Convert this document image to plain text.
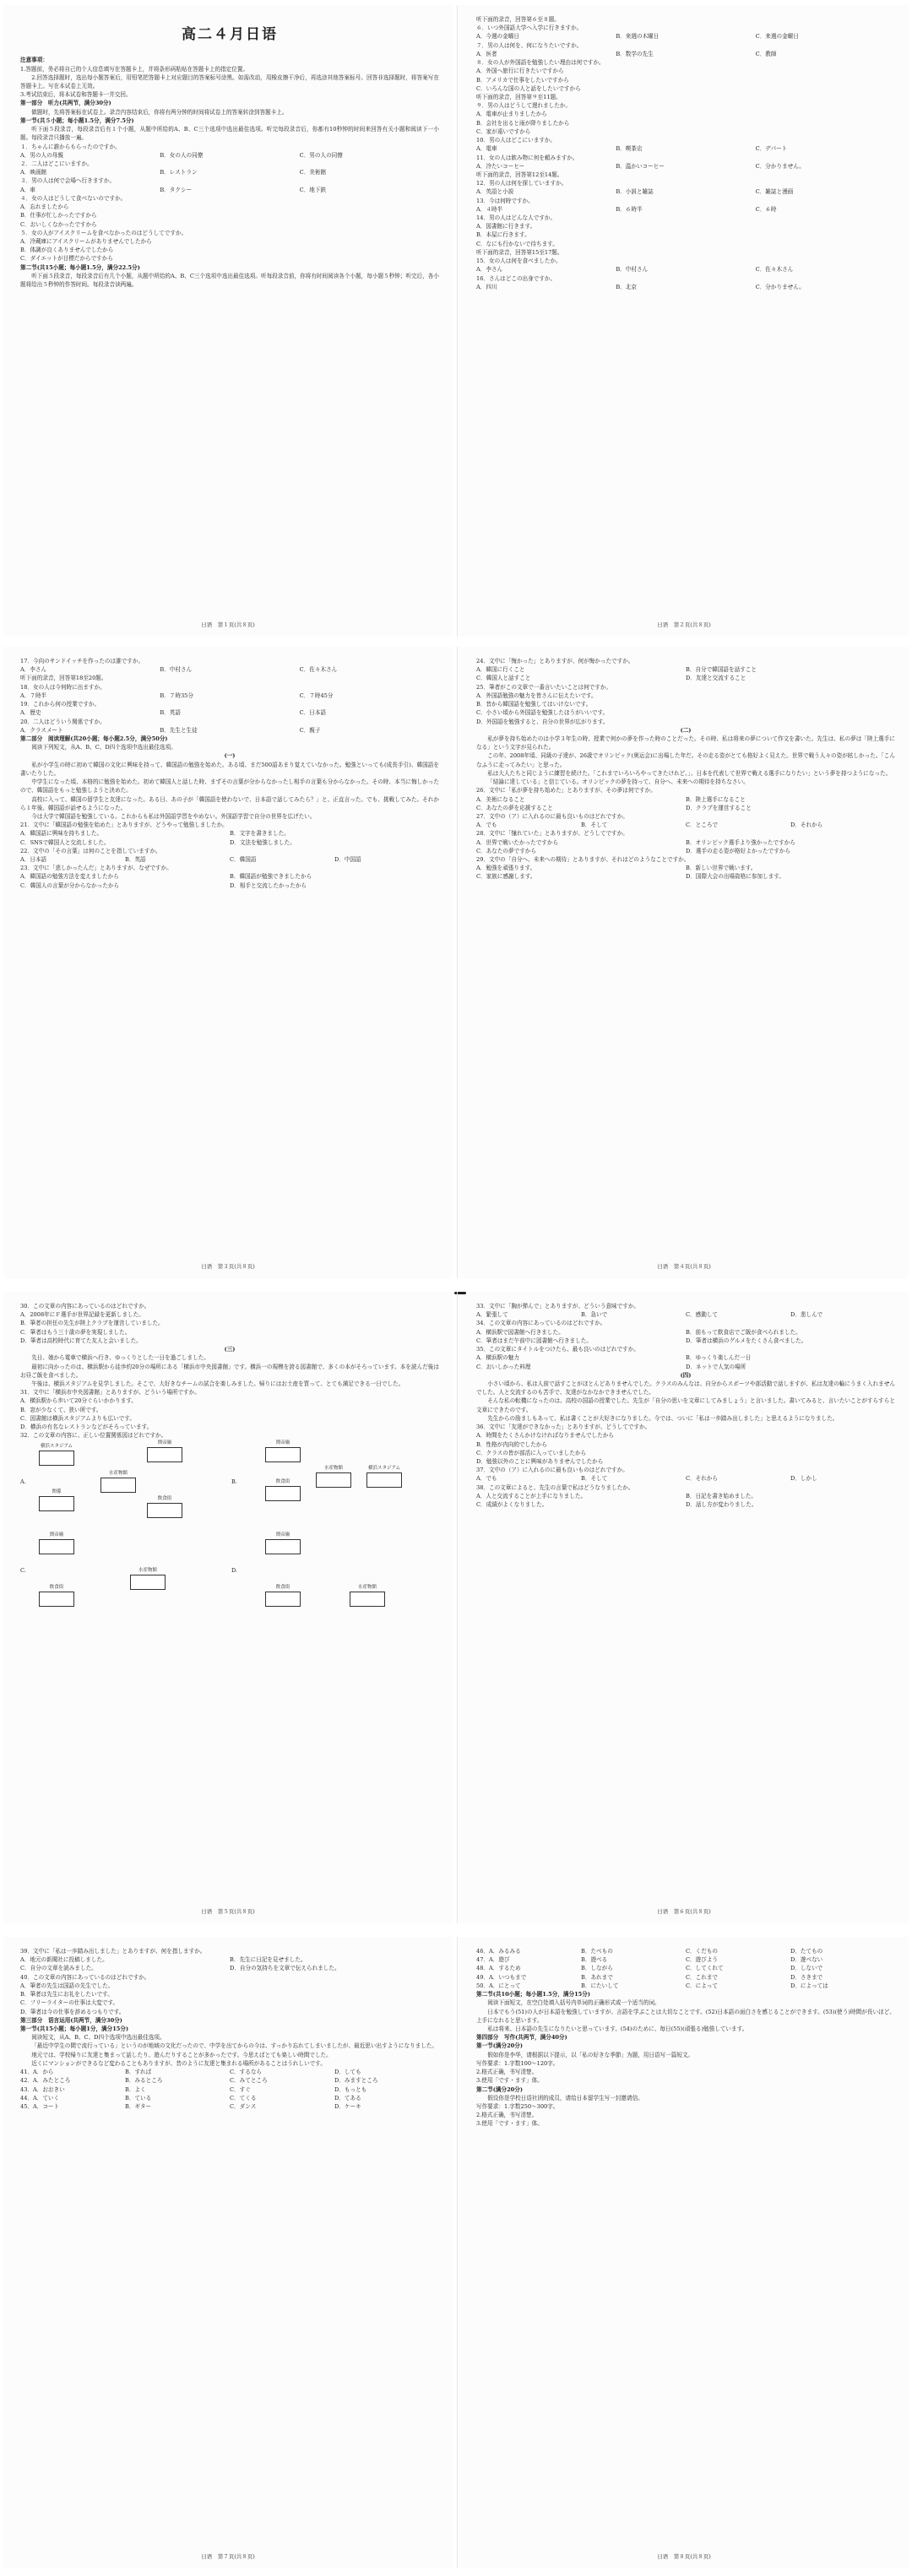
高二４月日语
注意事项：
1.答题前，务必将自己的个人信息填写在答题卡上，并将条形码粘贴在答题卡上的指定位置。
2.回答选择题时，选出每小题答案后，用铅笔把答题卡上对应题目的答案标号涂黑。如需改动，用橡皮擦干净后，再选涂其他答案标号。回答非选择题时，将答案写在答题卡上。写在本试卷上无效。
3.考试结束后，将本试卷和答题卡一并交回。
第一部分　听力(共两节，满分30分)
做题时，先将答案标在试卷上。录音内容结束后，你将有两分钟的时间将试卷上的答案转涂到答题卡上。
第一节(共５小题；每小题1.5分，满分7.5分)
听下面５段录音，每段录音后有１个小题，从题中所给的A、B、C三个选项中选出最佳选项。听完每段录音后，你都有10秒钟的时间来回答有关小题和阅读下一小题。每段录音只播放一遍。
１．ちゃんに誰からもらったのですか。
A．男の人の母親	B．女の人の同僚	C．男の人の同僚
２．二人はどこにいますか。
A．映画館	B．レストラン	C．美術館
３．男の人は何で会場へ行きますか。
A．車	B．タクシー	C．地下鉄
４．女の人はどうして食べないのですか。
A．忘れましたから
B．仕事が忙しかったですから
C．おいしくなかったですから
５．女の人がアイスクリームを食べなかったのはどうしてですか。
A．冷蔵庫にアイスクリームがありませんでしたから
B．体調が良くありませんでしたから
C．ダイエットが目標だからですから
第二节(共15小题；每小题1.5分，满分22.5分)
听下面５段录音，每段录音后有几个小题，从题中所给的A、B、C三个选项中选出最佳选项。听每段录音前，你将有时间阅读各个小题，每小题５秒钟；听完后，各小题将给出５秒钟的作答时间。每段录音读两遍。
日语　第１页(共８页)
听下面的录音，回答第６至８题。
６．いつ外国語大学へ入学に行きますか。
A．今週の金曜日	B．来週の木曜日	C．来週の金曜日
７．男の人は何を、何になりたいですか。
A．医者	B．数学の先生	C．教師
８．女の人が外国語を勉強したい理由は何ですか。
A．外国へ旅行に行きたいですから
B．アメリカで仕事をしたいですから
C．いろんな国の人と話をしたいですから
听下面的录音，回答第９至11题。
９．男の人はどうして遅れましたか。
A．電車が止まりましたから
B．会社を出ると雨が降りましたから
C．家が遠いですから
10．男の人はどこにいますか。
A．電車	B．喫茶店	C．デパート
11．女の人は飲み物に何を頼みますか。
A．冷たいコーヒー	B．温かいコーヒー	C．分かりません。
听下面的录音，回答第12至14题。
12．男の人は何を探していますか。
A．英語と小説	B．小説と雑誌	C．雑誌と漫画
13．今は何時ですか。
A．４時半	B．６時半	C．６時
14．男の人はどんな人ですか。
A．図書館に行きます。
B．本屋に行きます。
C．なにも行かないで待ちます。
听下面的录音，回答第15至17题。
15．女の人は何を食べましたか。
A．李さん	B．中村さん	C．佐々木さん
16．さんはどこの出身ですか。
A．四川	B．北京	C．分かりません。
日语　第２页(共８页)
17．今向のサンドイッチを作ったのは誰ですか。
A．李さん	B．中村さん	C．佐々木さん
听下面的录音，回答第18至20题。
18．女の人は今何時に出ますか。
A．７時半	B．７時35分	C．７時45分
19．これから何の授業ですか。
A．歴史	B．英語	C．日本語
20．二人はどういう関係ですか。
A．クラスメート	B．先生と生徒	C．親子
第二部分　阅读理解(共20小题；每小题2.5分，满分50分)
阅读下列短文，从A、B、C、D四个选项中选出最佳选项。
(一)
私が小学生の時に初めて韓国の文化に興味を持って、韓国語の勉強を始めた。ある頃、まだ500語あまり覚えていなかった。勉強といっても(成長手引)、韓国語を書いたりした。
中学生になった頃、本格的に勉強を始めた。初めて韓国人と話した時、まずその言葉が分からなかったし相手の言葉も分からなかった。その時、本当に悔しかったので、韓国語をもっと勉強しようと決めた。
高校に入って、韓国の留学生と友達になった。ある日、あの子が「韓国語を使わないで、日本語で話してみたら？」と、正直言った。でも、挑戦してみた。それから１年後、韓国語が話せるようになった。
今は大学で韓国語を勉強している。これからも私は外国語学習をやめない。外国語学習で自分の世界を広げたい。
21．文中に「韓国語の勉強を始めた」とありますが、どうやって勉強しましたか。
A．韓国語に興味を持ちました。	B．文字を書きました。
C．SNSで韓国人と交流しました。	D．文法を勉強しました。
22．文中の「その言葉」は何のことを指していますか。
A．日本語	B．英語	C．韓国語	D．中国語
23．文中に「悲しかったんだ」とありますが、なぜですか。
A．韓国語の勉強方法を変えましたから	B．韓国語が勉強できましたから
C．韓国人の言葉が分からなかったから	D．相手と交流したかったから
日语　第３页(共８页)
24．文中に「悔かった」とありますが、何が悔かったですか。
A．韓国に行くこと	B．自分で韓国語を話すこと
C．韓国人と話すこと	D．友達と交流すること
25．筆者がこの文章で一番言いたいことは何ですか。
A．外国語勉強の魅力を皆さんに伝えたいです。
B．昔から韓国語を勉強してはいけないです。
C．小さい頃から外国語を勉強したほうがいいです。
D．外国語を勉強すると、自分の世界が広がります。
(二)
私が夢を持ち始めたのは小学３年生の時、授業で何かの夢を作った時のことだった。その時、私は将来の夢について作文を書いた。先生は、私の夢は「陸上選手になる」という文字が見られた。
この年、2008年頃、同級の子達が、26歳でオリンピック(奥运会)に出場した年だ。その走る姿がとても格好よく見えた。世界で戦う人々の姿が眩しかった。「こんなふうに走ってみたい」と思った。
私は大人たちと同じように練習を続けた。「これまでいろいろやってきたけれど、」、日本を代表して世界で戦える選手になりたい」という夢を持つようになった。
「結論に達している」と信じている。オリンピックの夢を持って、自分へ、未来への期待を持ちなさい。
26．文中に「私が夢を持ち始めた」とありますが、その夢は何ですか。
A．美術になること	B．陸上選手になること
C．あなたの夢を応援すること	D．クラブを運営すること
27．文中の（ア）に入れるのに最も良いものはどれですか。
A．でも	B．そして	C．ところで	D．それから
28．文中に「憧れていた」とありますが、どうしてですか。
A．世界で戦いたかったですから	B．オリンピック選手より強かったですから
C．あなたの夢ですから	D．選手の走る姿が格好よかったですから
29．文中の「自分へ、未来への期待」とありますが、それはどのようなことですか。
A．勉強を頑張ります。	B．新しい世界で戦います。
C．家族に感謝します。	D．国際大会の出場資格に参加します。
日语　第４页(共８页)
30．この文章の内容にあっているのはどれですか。
A．2008年にＦ選手が世界記録を更新しました。
B．筆者の担任の先生が陸上クラブを運営していました。
C．筆者はもう三十歳の夢を実現しました。
D．筆者は高校時代に育てた友人と会いました。
(三)
先日、娘から電車で横浜へ行き、ゆっくりとした一日を過ごしました。
最初に向かったのは、横浜駅から徒歩約20分の場所にある「横浜市中央図書館」です。横浜一の規模を誇る図書館で、多くの本がそろっています。本を読んだ後はお昼ご飯を食べました。
午後は、横浜スタジアムを見学しました。そこで、大好きなチームの試合を楽しみました。帰りにはお土産を買って、とても満足できる一日でした。
31．文中に「横浜市中央図書館」とありますが、どういう場所ですか。
A．横浜駅から歩いて20分ぐらいかかります。
B．窓が少なくて、狭い所です。
C．図書館は横浜スタジアムよりも広いです。
D．横浜の有名なレストランなどがそろっています。
32．この文章の内容に、正しい位置関係図はどれですか。
A.
横浜スタジアム
関係
関帝廟
水産物館
飲食街
B.
関帝廟
飲食街
水産物館	横浜スタジアム
C.
関帝廟
飲食街
水産物館	D.
関帝廟
飲食街	水産物館
日语　第５页(共８页)
33．文中に「胸が弾んで」とありますが、どういう意味ですか。
A．緊張して	B．急いで	C．感動して	D．悲しんで
34．この文章の内容にあっているのはどれですか。
A．横浜駅で図書館へ行きました。	B．前もって飲食店でご飯が食べられました。
C．筆者はまだ午前中に図書館へ行きました。	D．筆者は横浜のグルメをたくさん食べました。
35．この文章にタイトルをつけたら、最も良いのはどれですか。
A．横浜駅の魅力	B．ゆっくり楽しんだ一日
C．おいしかった料理	D．ネットで人気の場所
(四)
小さい頃から、私は人前で話すことがほとんどありませんでした。クラスのみんなは、自分からスポーツや部活動で話しますが、私は友達の輪にうまく入れませんでした。人と交流するのも苦手で、友達がなかなかできませんでした。
そんな私の転機になったのは、高校の国語の授業でした。先生が「自分の思いを文章にしてみましょう」と言いました。書いてみると、言いたいことがすらすらと文章にできたのです。
先生からの励ましもあって、私は書くことが大好きになりました。今では、ついに「私は一歩踏み出しました」と思えるようになりました。
36．文中に「友達ができなかった」とありますが、どうしてですか。
A．時間をたくさんかけなければなりませんでしたから
B．性格が内向的でしたから
C．クラスの皆が部活に入っていましたから
D．勉強以外のことに興味がありませんでしたから
37．文中の（ア）に入れるのに最も良いものはどれですか。
A．でも	B．そして	C．それから	D．しかし
38．この文章によると、先生の言葉で私はどうなりましたか。
A．人と交流することが上手になりました。	B．日記を書き始めました。
C．成績がよくなりました。	D．話し方が変わりました。
日语　第６页(共８页)
39．文中に「私は一歩踏み出しました」とありますが、何を指しますか。
A．地元の新聞社に投稿しました。	B．先生に日記を見せました。
C．自分の文章を読みました。	D．自分の気持ちを文章で伝えられました。
40．この文章の内容にあっているのはどれですか。
A．筆者の先生は国語の先生でした。
B．筆者は先生にお礼をしたいです。
C．フリーライターの仕事は大変です。
D．筆者は今の仕事を辞めるつもりです。
第三部分　语言运用(共两节，满分30分)
第一节(共15小题；每小题1分，满分15分)
阅读短文，从A、B、C、D四个选项中选出最佳选项。
「最近中学生の間で流行っている」というのが地域の文化だったので、中学を出てからの今は、すっかり忘れてしまいましたが、最近思い出すようになりました。
地元では、学校帰りに友達と集まって話したり、遊んだりすることが多かったです。今思えばとても楽しい時間でした。
近くにマンションができるなど変わることもありますが、昔のように友達と集まれる場所があることはうれしいです。
41．A．から	B．すれば	C．するなら	D．しても
42．A．みたところ	B．みるところ	C．みてところ	D．みますところ
43．A．おおきい	B．よく	C．すぐ	D．もっとも
44．A．ていく	B．ている	C．てくる	D．てある
45．A．コート	B．ギター	C．ダンス	D．ケーキ
日语　第７页(共８页)
46．A．みるみる	B．たべもの	C．くだもの	D．たてもの
47．A．遊び	B．遊べる	C．遊びよう	D．遊べない
48．A．するため	B．しながら	C．してくれて	D．しないで
49．A．いつもまで	B．あれまで	C．これまで	D．さきまで
50．A．にとって	B．にたいして	C．によって	D．によっては
第二节(共10小题；每小题1.5分，满分15分)
阅读下面短文，在空白处填入括号内单词的正确形式或一个适当的词。
日本でもう(51)の人が日本語を勉強していますが、言語を学ぶことは大切なことです。(52)日本語の面白さを感じることができます。(53)(使う)時間が長いほど、上手になれると思います。
私は将来、日本語の先生になりたいと思っています。(54)のために、毎日(55)(頑張る)勉強しています。
第四部分　写作(共两节，满分40分)
第一节(满分20分)
假如你是李华，请根据以下提示，以「私の好きな季節」为题，用日语写一篇短文。
写作要求：1.字数100～120字。
2.格式正确，书写清楚。
3.使用「です・ます」体。
第二节(满分20分)
假设你是学校日语社团的成员，请给日本留学生写一封邀请信。
写作要求：1.字数250～300字。
2.格式正确，书写清楚。
3.使用「です・ます」体。
日语　第８页(共８页)
